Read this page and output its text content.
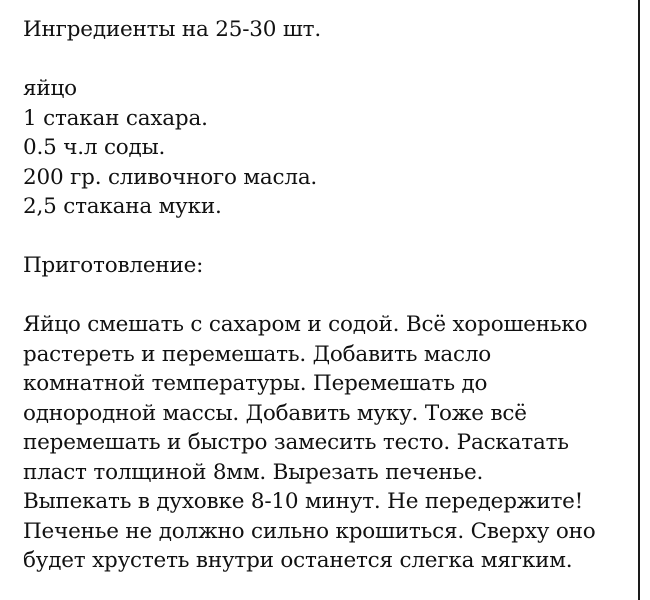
Ингредиенты на 25-30 шт.
яйцо
1 стакан сахара.
0.5 ч.л соды.
200 гр. сливочного масла.
2,5 стакана муки.
Приготовление:
Яйцо смешать с сахаром и содой. Всё хорошенько
растереть и перемешать. Добавить масло
комнатной температуры. Перемешать до
однородной массы. Добавить муку. Тоже всё
перемешать и быстро замесить тесто. Раскатать
пласт толщиной 8мм. Вырезать печенье.
Выпекать в духовке 8-10 минут. Не передержите!
Печенье не должно сильно крошиться. Сверху оно
будет хрустеть внутри останется слегка мягким.
